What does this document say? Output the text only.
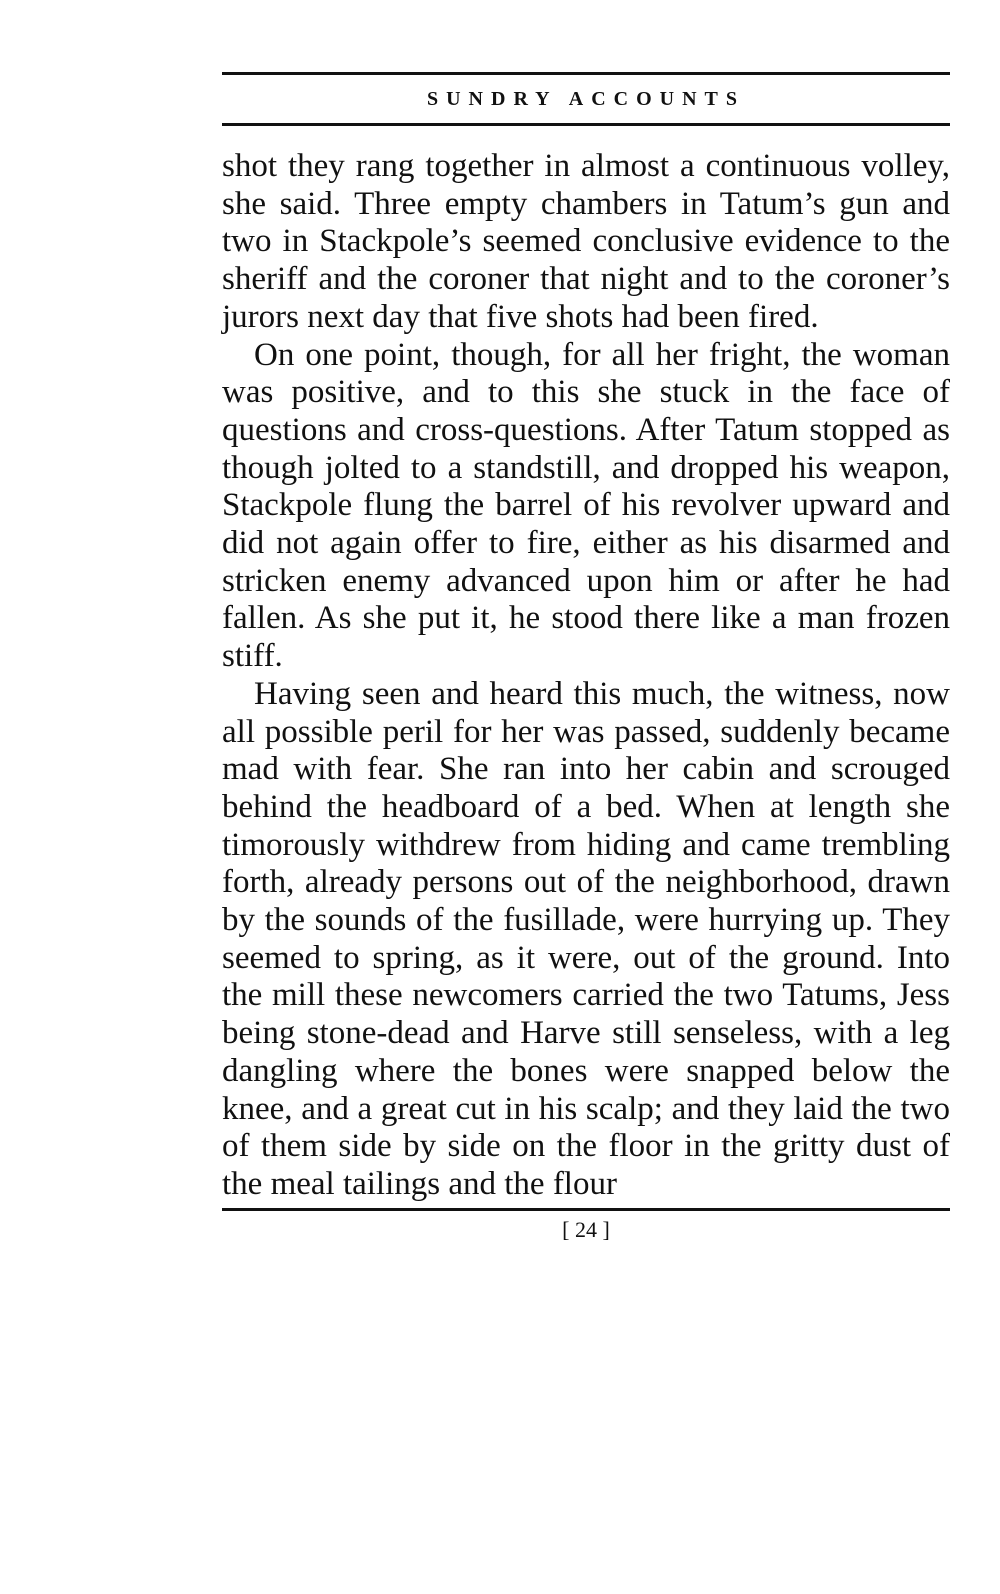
SUNDRY ACCOUNTS

shot they rang together in almost a continuous volley, she said. Three empty chambers in Tatum’s gun and two in Stackpole’s seemed conclusive evidence to the sheriff and the coroner that night and to the coroner’s jurors next day that five shots had been fired.

On one point, though, for all her fright, the woman was positive, and to this she stuck in the face of questions and cross-questions. After Tatum stopped as though jolted to a standstill, and dropped his weapon, Stackpole flung the barrel of his revolver upward and did not again offer to fire, either as his disarmed and stricken enemy advanced upon him or after he had fallen. As she put it, he stood there like a man frozen stiff.

Having seen and heard this much, the witness, now all possible peril for her was passed, suddenly became mad with fear. She ran into her cabin and scrouged behind the headboard of a bed. When at length she timorously withdrew from hiding and came trembling forth, already persons out of the neighborhood, drawn by the sounds of the fusillade, were hurrying up. They seemed to spring, as it were, out of the ground. Into the mill these newcomers carried the two Tatums, Jess being stone-dead and Harve still senseless, with a leg dangling where the bones were snapped below the knee, and a great cut in his scalp; and they laid the two of them side by side on the floor in the gritty dust of the meal tailings and the flour

[ 24 ]
